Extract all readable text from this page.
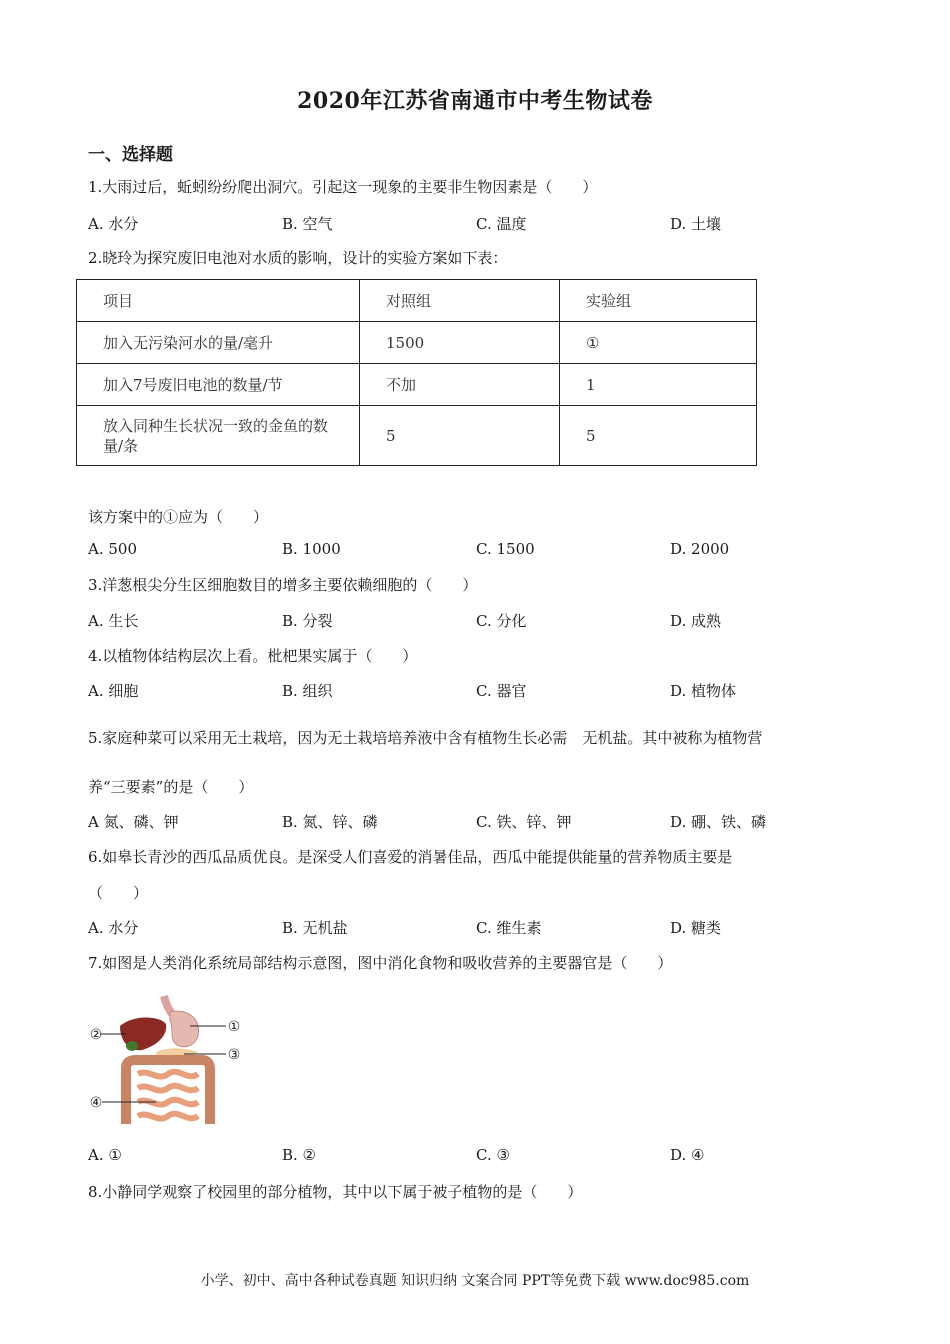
2020年江苏省南通市中考生物试卷
一、选择题
1.大雨过后，蚯蚓纷纷爬出洞穴。引起这一现象的主要非生物因素是（　　）
A. 水分	B. 空气	C. 温度	D. 土壤
2.晓玲为探究废旧电池对水质的影响，设计的实验方案如下表：
项目	对照组	实验组
加入无污染河水的量/毫升	1500	①
加入7号废旧电池的数量/节	不加	1
放入同种生长状况一致的金鱼的数量/条	5	5
该方案中的①应为（　　）
A. 500	B. 1000	C. 1500	D. 2000
3.洋葱根尖分生区细胞数目的增多主要依赖细胞的（　　）
A. 生长	B. 分裂	C. 分化	D. 成熟
4.以植物体结构层次上看。枇杷果实属于（　　）
A. 细胞	B. 组织	C. 器官	D. 植物体
5.家庭种菜可以采用无土栽培，因为无土栽培培养液中含有植物生长必需　无机盐。其中被称为植物营
养“三要素”的是（　　）
A 氮、磷、钾	B. 氮、锌、磷	C. 铁、锌、钾	D. 硼、铁、磷
6.如皋长青沙的西瓜品质优良。是深受人们喜爱的消暑佳品，西瓜中能提供能量的营养物质主要是
（　　）
A. 水分	B. 无机盐	C. 维生素	D. 糖类
7.如图是人类消化系统局部结构示意图，图中消化食物和吸收营养的主要器官是（　　）
①
②
③
④
A. ①	B. ②	C. ③	D. ④
8.小静同学观察了校园里的部分植物，其中以下属于被子植物的是（　　）
小学、初中、高中各种试卷真题 知识归纳 文案合同 PPT等免费下载 www.doc985.com
